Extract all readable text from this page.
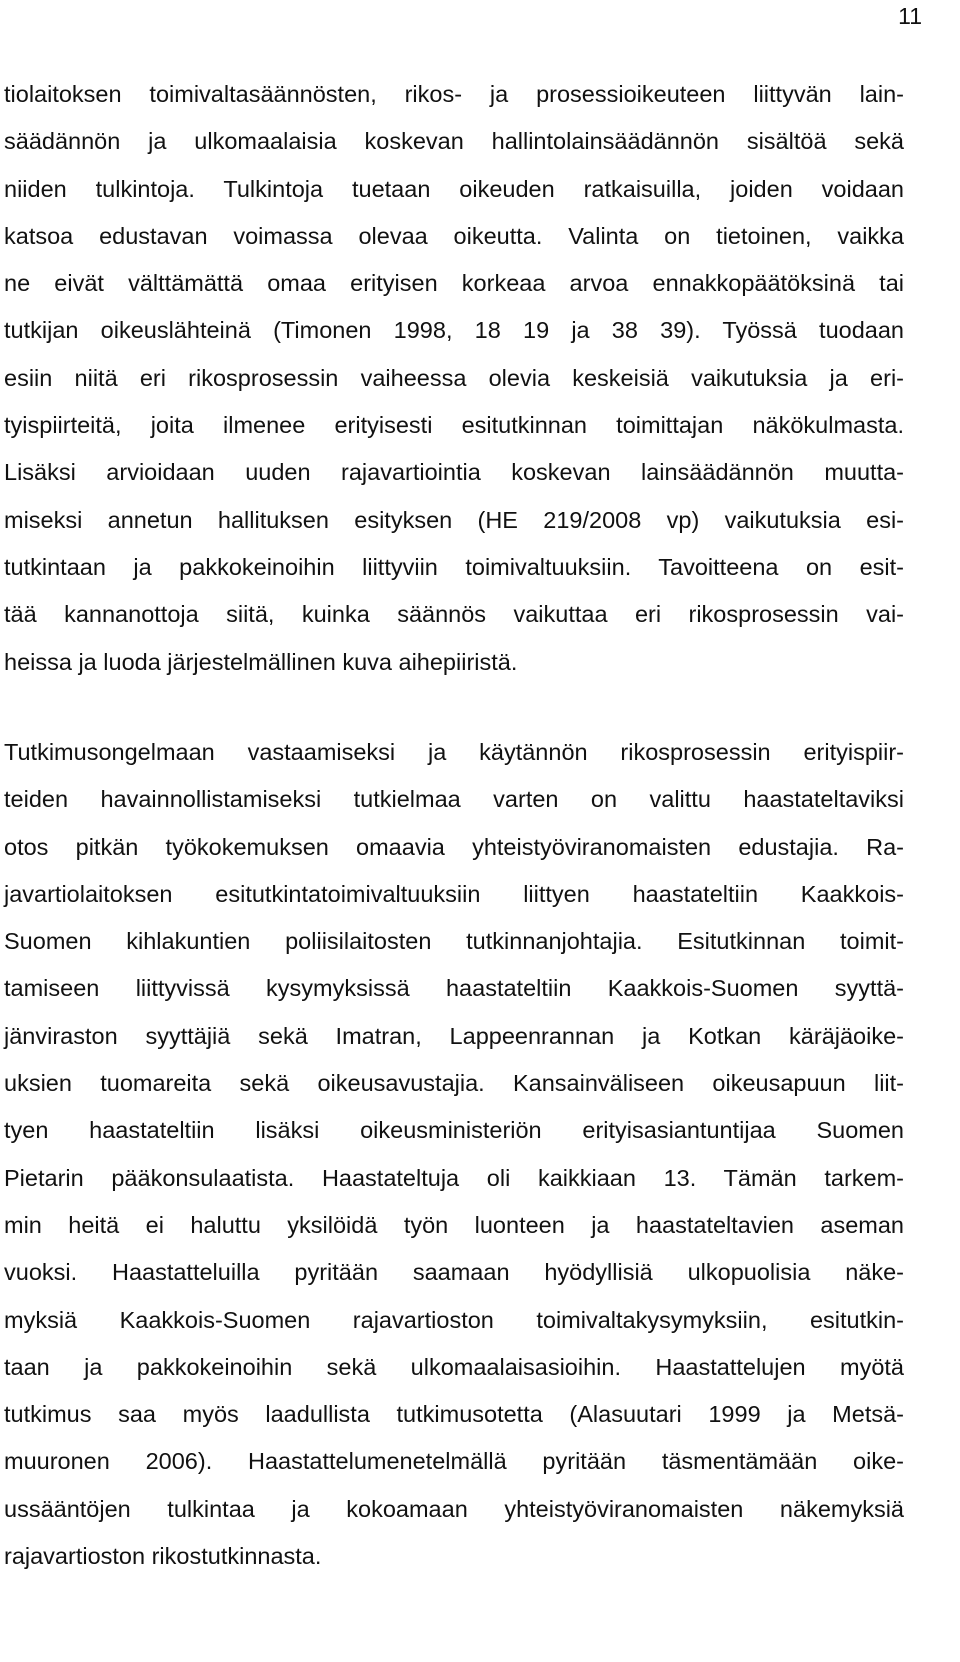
11
tiolaitoksen toimivaltasäännösten, rikos- ja prosessioikeuteen liittyvän lain-
säädännön ja ulkomaalaisia koskevan hallintolainsäädännön sisältöä sekä
niiden tulkintoja. Tulkintoja tuetaan oikeuden ratkaisuilla, joiden voidaan
katsoa edustavan voimassa olevaa oikeutta. Valinta on tietoinen, vaikka
ne eivät välttämättä omaa erityisen korkeaa arvoa ennakkopäätöksinä tai
tutkijan oikeuslähteinä (Timonen 1998, 18 19 ja 38 39). Työssä tuodaan
esiin niitä eri rikosprosessin vaiheessa olevia keskeisiä vaikutuksia ja eri-
tyispiirteitä, joita ilmenee erityisesti esitutkinnan toimittajan näkökulmasta.
Lisäksi arvioidaan uuden rajavartiointia koskevan lainsäädännön muutta-
miseksi annetun hallituksen esityksen (HE 219/2008 vp) vaikutuksia esi-
tutkintaan ja pakkokeinoihin liittyviin toimivaltuuksiin. Tavoitteena on esit-
tää kannanottoja siitä, kuinka säännös vaikuttaa eri rikosprosessin vai-
heissa ja luoda järjestelmällinen kuva aihepiiristä.
Tutkimusongelmaan vastaamiseksi ja käytännön rikosprosessin erityispiir-
teiden havainnollistamiseksi tutkielmaa varten on valittu haastateltaviksi
otos pitkän työkokemuksen omaavia yhteistyöviranomaisten edustajia. Ra-
javartiolaitoksen esitutkintatoimivaltuuksiin liittyen haastateltiin Kaakkois-
Suomen kihlakuntien poliisilaitosten tutkinnanjohtajia. Esitutkinnan toimit-
tamiseen liittyvissä kysymyksissä haastateltiin Kaakkois-Suomen syyttä-
jänviraston syyttäjiä sekä Imatran, Lappeenrannan ja Kotkan käräjäoike-
uksien tuomareita sekä oikeusavustajia. Kansainväliseen oikeusapuun liit-
tyen haastateltiin lisäksi oikeusministeriön erityisasiantuntijaa Suomen
Pietarin pääkonsulaatista. Haastateltuja oli kaikkiaan 13. Tämän tarkem-
min heitä ei haluttu yksilöidä työn luonteen ja haastateltavien aseman
vuoksi. Haastatteluilla pyritään saamaan hyödyllisiä ulkopuolisia näke-
myksiä Kaakkois-Suomen rajavartioston toimivaltakysymyksiin, esitutkin-
taan ja pakkokeinoihin sekä ulkomaalaisasioihin. Haastattelujen myötä
tutkimus saa myös laadullista tutkimusotetta (Alasuutari 1999 ja Metsä-
muuronen 2006). Haastattelumenetelmällä pyritään täsmentämään oike-
ussääntöjen tulkintaa ja kokoamaan yhteistyöviranomaisten näkemyksiä
rajavartioston rikostutkinnasta.
